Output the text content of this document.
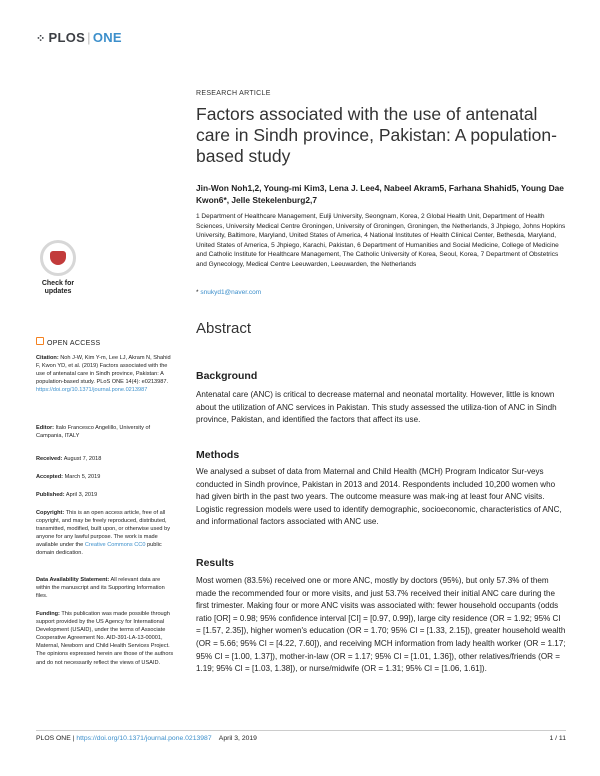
⁘ PLOS | ONE
Check for updates
OPEN ACCESS
Citation: Noh J-W, Kim Y-m, Lee LJ, Akram N, Shahid F, Kwon YD, et al. (2019) Factors associated with the use of antenatal care in Sindh province, Pakistan: A population-based study. PLoS ONE 14(4): e0213987. https://doi.org/10.1371/journal.pone.0213987
Editor: Italo Francesco Angelillo, University of Campania, ITALY
Received: August 7, 2018
Accepted: March 5, 2019
Published: April 3, 2019
Copyright: This is an open access article, free of all copyright, and may be freely reproduced, distributed, transmitted, modified, built upon, or otherwise used by anyone for any lawful purpose. The work is made available under the Creative Commons CC0 public domain dedication.
Data Availability Statement: All relevant data are within the manuscript and its Supporting Information files.
Funding: This publication was made possible through support provided by the US Agency for International Development (USAID), under the terms of Associate Cooperative Agreement No. AID-391-LA-13-00001, Maternal, Newborn and Child Health Services Project. The opinions expressed herein are those of the authors and do not necessarily reflect the views of USAID.
RESEARCH ARTICLE
Factors associated with the use of antenatal care in Sindh province, Pakistan: A population-based study
Jin-Won Noh1,2, Young-mi Kim3, Lena J. Lee4, Nabeel Akram5, Farhana Shahid5, Young Dae Kwon6*, Jelle Stekelenburg2,7
1 Department of Healthcare Management, Eulji University, Seongnam, Korea, 2 Global Health Unit, Department of Health Sciences, University Medical Centre Groningen, University of Groningen, Groningen, the Netherlands, 3 Jhpiego, Johns Hopkins University, Baltimore, Maryland, United States of America, 4 National Institutes of Health Clinical Center, Bethesda, Maryland, United States of America, 5 Jhpiego, Karachi, Pakistan, 6 Department of Humanities and Social Medicine, College of Medicine and Catholic Institute for Healthcare Management, The Catholic University of Korea, Seoul, Korea, 7 Department of Obstetrics and Gynecology, Medical Centre Leeuwarden, Leeuwarden, the Netherlands
* snukyd1@naver.com
Abstract
Background
Antenatal care (ANC) is critical to decrease maternal and neonatal mortality. However, little is known about the utilization of ANC services in Pakistan. This study assessed the utiliza-tion of ANC in Sindh province, Pakistan, and identified the factors that affect its use.
Methods
We analysed a subset of data from Maternal and Child Health (MCH) Program Indicator Sur-veys conducted in Sindh province, Pakistan in 2013 and 2014. Respondents included 10,200 women who had given birth in the past two years. The outcome measure was mak-ing at least four ANC visits. Logistic regression models were used to identify demographic, socioeconomic, characteristics of ANC, and informational factors associated with ANC use.
Results
Most women (83.5%) received one or more ANC, mostly by doctors (95%), but only 57.3% of them made the recommended four or more visits, and just 53.7% received their initial ANC care during the first trimester. Making four or more ANC visits was associated with: fewer household occupants (odds ratio [OR] = 0.98; 95% confidence interval [CI] = [0.97, 0.99]), large city residence (OR = 1.92; 95% CI = [1.57, 2.35]), higher women's education (OR = 1.70; 95% CI = [1.33, 2.15]), greater household wealth (OR = 5.66; 95% CI = [4.22, 7.60]), and receiving MCH information from lady health worker (OR = 1.17; 95% CI = [1.00, 1.37]), mother-in-law (OR = 1.17; 95% CI = [1.01, 1.36]), other relatives/friends (OR = 1.19; 95% CI = [1.03, 1.38]), or nurse/midwife (OR = 1.31; 95% CI = [1.06, 1.61]).
PLOS ONE | https://doi.org/10.1371/journal.pone.0213987 April 3, 2019	1 / 11
